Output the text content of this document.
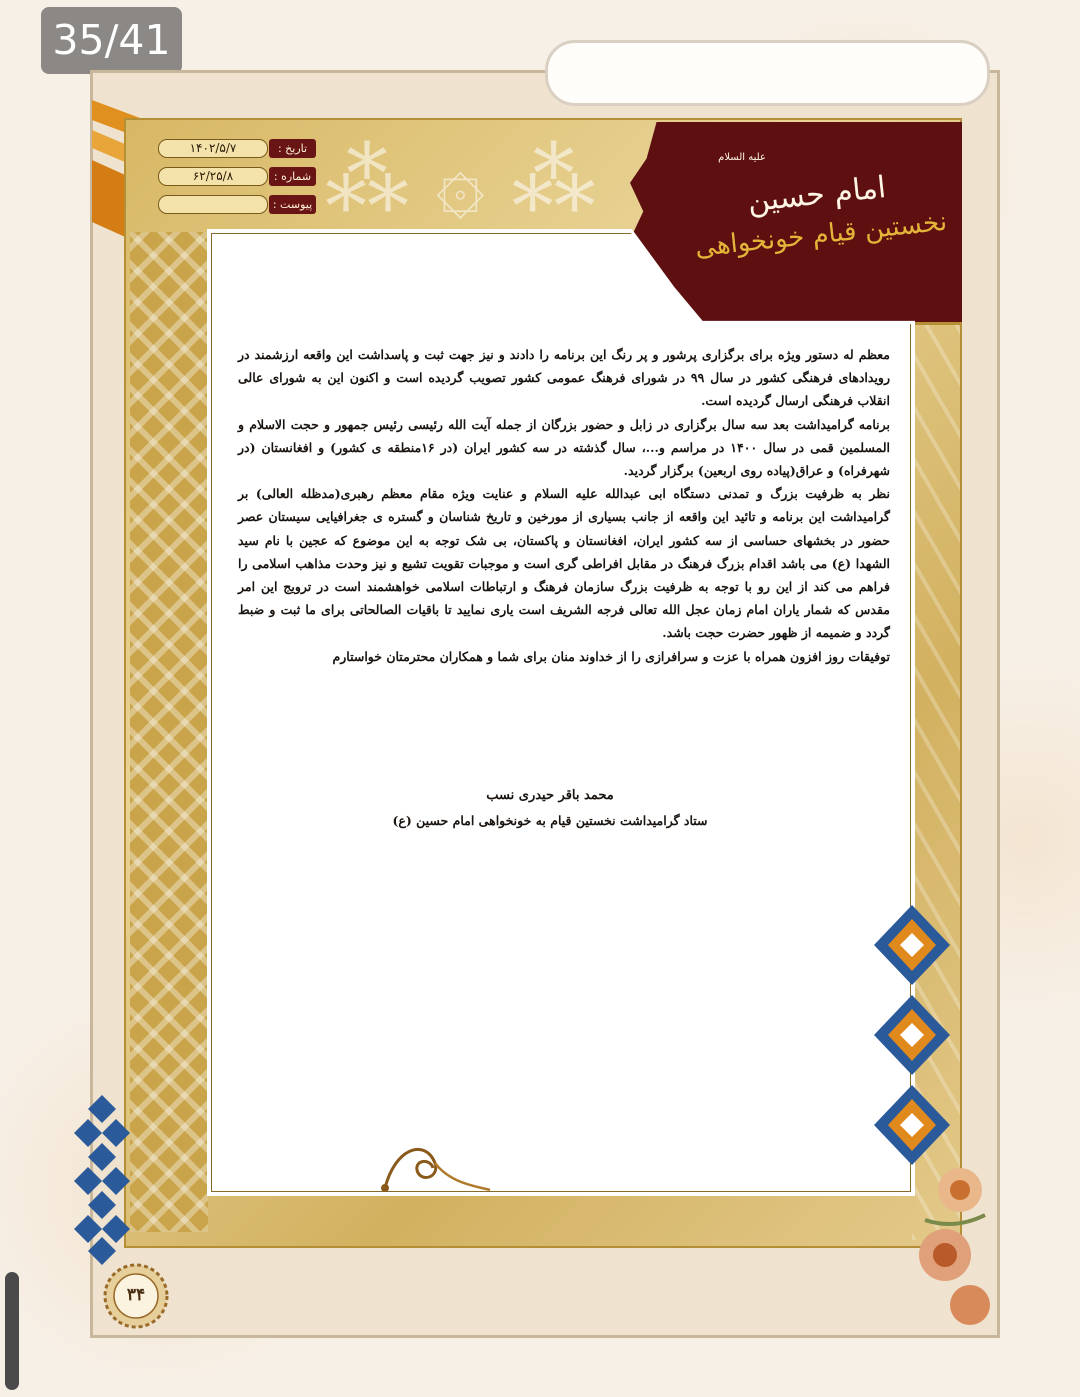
35/41
⁂ ۞ ⁂
۱۴۰۲/۵/۷	تاریخ :
۶۲/۲۵/۸	شماره :
پیوست :
علیه السلام
امام حسین
نخستین قیام خونخواهی

معظم له دستور ویژه برای برگزاری پرشور و پر رنگ این برنامه را دادند و نیز جهت ثبت و پاسداشت این واقعه ارزشمند در رویدادهای فرهنگی کشور در سال ۹۹ در شورای فرهنگ عمومی کشور تصویب گردیده است و اکنون این به شورای عالی انقلاب فرهنگی ارسال گردیده است.

برنامه گرامیداشت بعد سه سال برگزاری در زابل و حضور بزرگان از جمله آیت الله رئیسی رئیس جمهور و حجت الاسلام و المسلمین قمی در سال ۱۴۰۰ در مراسم و...، سال گذشته در سه کشور ایران (در ۱۶منطقه ی کشور) و افغانستان (در شهرفراه) و عراق(پیاده روی اربعین) برگزار گردید.

نظر به ظرفیت بزرگ و تمدنی دستگاه ابی عبدالله علیه السلام و عنایت ویژه مقام معظم رهبری(مدظله العالی) بر گرامیداشت این برنامه و تائید این واقعه از جانب بسیاری از مورخین و تاریخ شناسان و گستره ی جغرافیایی سیستان عصر حضور در بخشهای حساسی از سه کشور ایران، افغانستان و پاکستان، بی شک توجه به این موضوع که عجین با نام سید الشهدا (ع) می باشد اقدام بزرگ فرهنگ در مقابل افراطی گری است و موجبات تقویت تشیع و نیز وحدت مذاهب اسلامی را فراهم می کند از این رو با توجه به ظرفیت بزرگ سازمان فرهنگ و ارتباطات اسلامی خواهشمند است در ترویج این امر مقدس که شمار یاران امام زمان عجل الله تعالی فرجه الشریف است یاری نمایید تا باقیات الصالحاتی برای ما ثبت و ضبط گردد و ضمیمه از ظهور حضرت حجت باشد.

توفیقات روز افزون همراه با عزت و سرافرازی را از خداوند منان برای شما و همکاران محترمتان خواستارم

محمد باقر حیدری نسب
ستاد گرامیداشت نخستین قیام به خونخواهی امام حسین (ع)
۳۴
